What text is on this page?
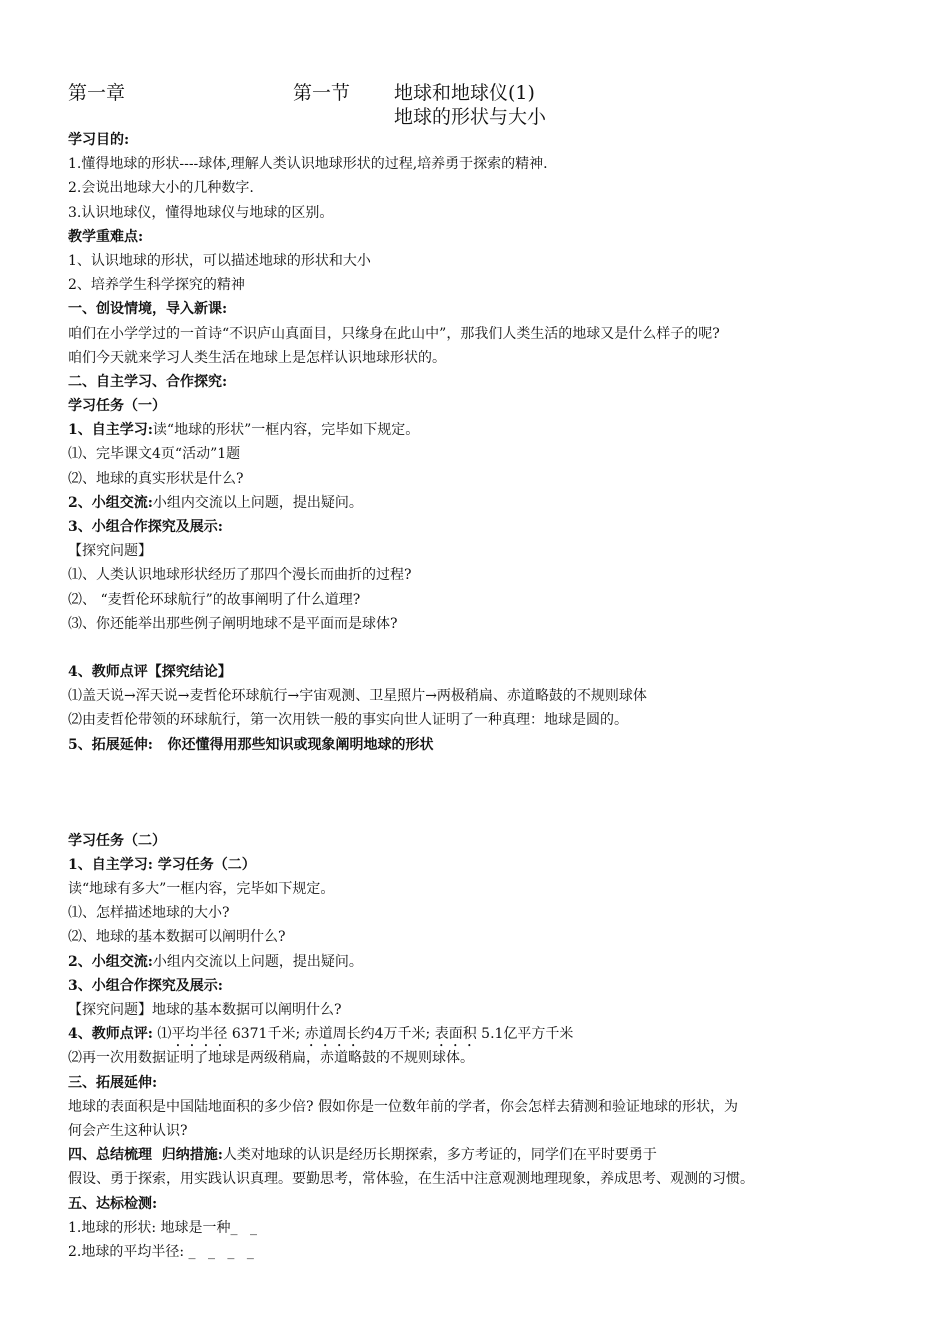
第一章	第一节 地球和地球仪(1)
地球的形状与大小
学习目的:
1.懂得地球的形状----球体,理解人类认识地球形状的过程,培养勇于探索的精神.
2.会说出地球大小的几种数字.
3.认识地球仪，懂得地球仪与地球的区别。
教学重难点:
1、认识地球的形状，可以描述地球的形状和大小
2、培养学生科学探究的精神
一、创设情境，导入新课:
咱们在小学学过的一首诗“不识庐山真面目，只缘身在此山中”，那我们人类生活的地球又是什么样子的呢?
咱们今天就来学习人类生活在地球上是怎样认识地球形状的。
二、自主学习、合作探究:
学习任务（一）
1、自主学习:读“地球的形状”一框内容，完毕如下规定。
⑴、完毕课文4页“活动”1题
⑵、地球的真实形状是什么?
2、小组交流:小组内交流以上问题，提出疑问。
3、小组合作探究及展示:
【探究问题】
⑴、人类认识地球形状经历了那四个漫长而曲折的过程?
⑵、 “麦哲伦环球航行”的故事阐明了什么道理?
⑶、你还能举出那些例子阐明地球不是平面而是球体?
4、教师点评【探究结论】
⑴盖天说→浑天说→麦哲伦环球航行→宇宙观测、卫星照片→两极稍扁、赤道略鼓的不规则球体
⑵由麦哲伦带领的环球航行，第一次用铁一般的事实向世人证明了一种真理：地球是圆的。
5、拓展延伸:   你还懂得用那些知识或现象阐明地球的形状
学习任务（二）
1、自主学习: 学习任务（二）
读“地球有多大”一框内容，完毕如下规定。
⑴、怎样描述地球的大小?
⑵、地球的基本数据可以阐明什么?
2、小组交流:小组内交流以上问题，提出疑问。
3、小组合作探究及展示:
【探究问题】地球的基本数据可以阐明什么?
4、教师点评: ⑴平均半径 6371千米; 赤道周长约4万千米; 表面积 5.1亿平方千米
⑵再一次用数据证明了地球是两级稍扁，赤道略鼓的不规则球体。
三、拓展延伸:
地球的表面积是中国陆地面积的多少倍? 假如你是一位数年前的学者，你会怎样去猜测和验证地球的形状，为
何会产生这种认识?
四、总结梳理  归纳措施:人类对地球的认识是经历长期探索，多方考证的，同学们在平时要勇于
假设、勇于探索，用实践认识真理。要勤思考，常体验，在生活中注意观测地理现象，养成思考、观测的习惯。
五、达标检测:
1.地球的形状: 地球是一种_ _
2.地球的平均半径: _ _ _ _
